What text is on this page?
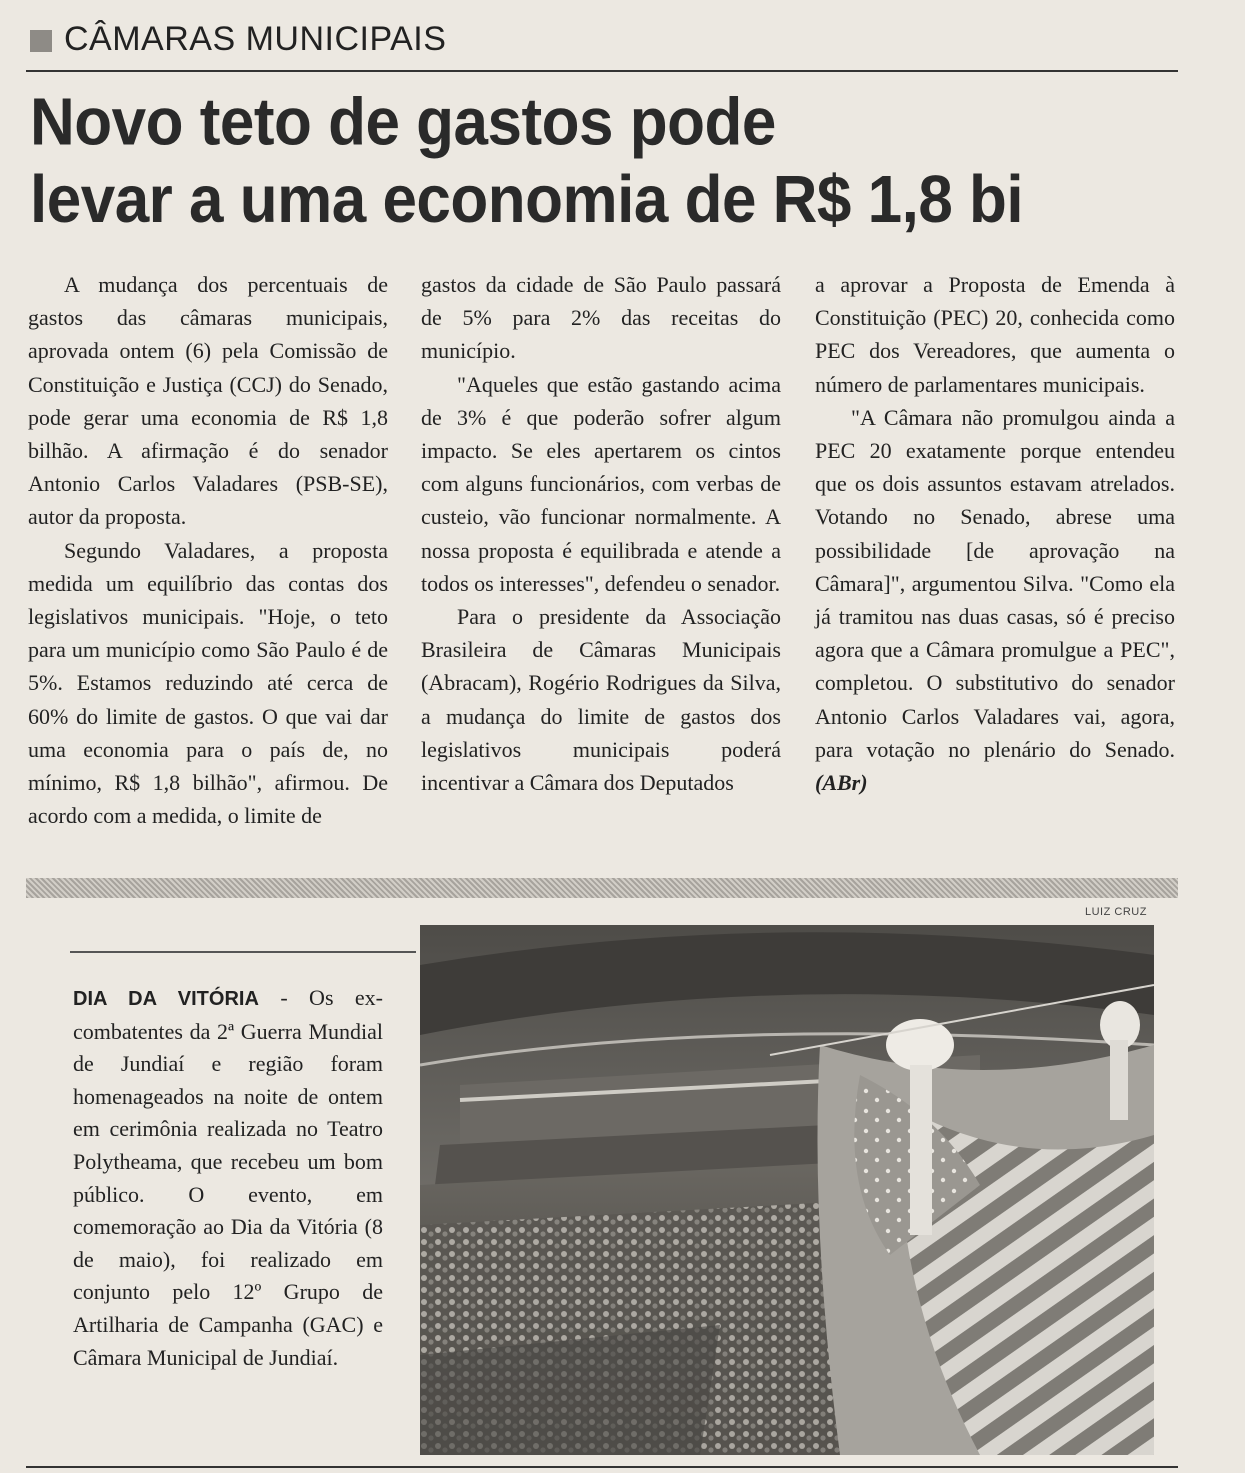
CÂMARAS MUNICIPAIS
Novo teto de gastos pode
levar a uma economia de R$ 1,8 bi

A mudança dos percentuais de gastos das câmaras municipais, aprovada ontem (6) pela Comissão de Constituição e Justiça (CCJ) do Senado, pode gerar uma economia de R$ 1,8 bilhão. A afirmação é do senador Antonio Carlos Valadares (PSB-SE), autor da proposta.

Segundo Valadares, a proposta medida um equilíbrio das contas dos legislativos municipais. "Hoje, o teto para um município como São Paulo é de 5%. Estamos reduzindo até cerca de 60% do limite de gastos. O que vai dar uma economia para o país de, no mínimo, R$ 1,8 bilhão", afirmou. De acordo com a medida, o limite de

gastos da cidade de São Paulo passará de 5% para 2% das receitas do município.

"Aqueles que estão gastando acima de 3% é que poderão sofrer algum impacto. Se eles apertarem os cintos com alguns funcionários, com verbas de custeio, vão funcionar normalmente. A nossa proposta é equilibrada e atende a todos os interesses", defendeu o senador.

Para o presidente da Associação Brasileira de Câmaras Municipais (Abracam), Rogério Rodrigues da Silva, a mudança do limite de gastos dos legislativos municipais poderá incentivar a Câmara dos Deputados

a aprovar a Proposta de Emenda à Constituição (PEC) 20, conhecida como PEC dos Vereadores, que aumenta o número de parlamentares municipais.

"A Câmara não promulgou ainda a PEC 20 exatamente porque entendeu que os dois assuntos estavam atrelados. Votando no Senado, abrese uma possibilidade [de aprovação na Câmara]", argumentou Silva. "Como ela já tramitou nas duas casas, só é preciso agora que a Câmara promulgue a PEC", completou. O substitutivo do senador Antonio Carlos Valadares vai, agora, para votação no plenário do Senado. (ABr)

LUIZ CRUZ

DIA DA VITÓRIA - Os ex-combatentes da 2ª Guerra Mundial de Jundiaí e região foram homenageados na noite de ontem em cerimônia realizada no Teatro Polytheama, que recebeu um bom público. O evento, em comemoração ao Dia da Vitória (8 de maio), foi realizado em conjunto pelo 12º Grupo de Artilharia de Campanha (GAC) e Câmara Municipal de Jundiaí.
